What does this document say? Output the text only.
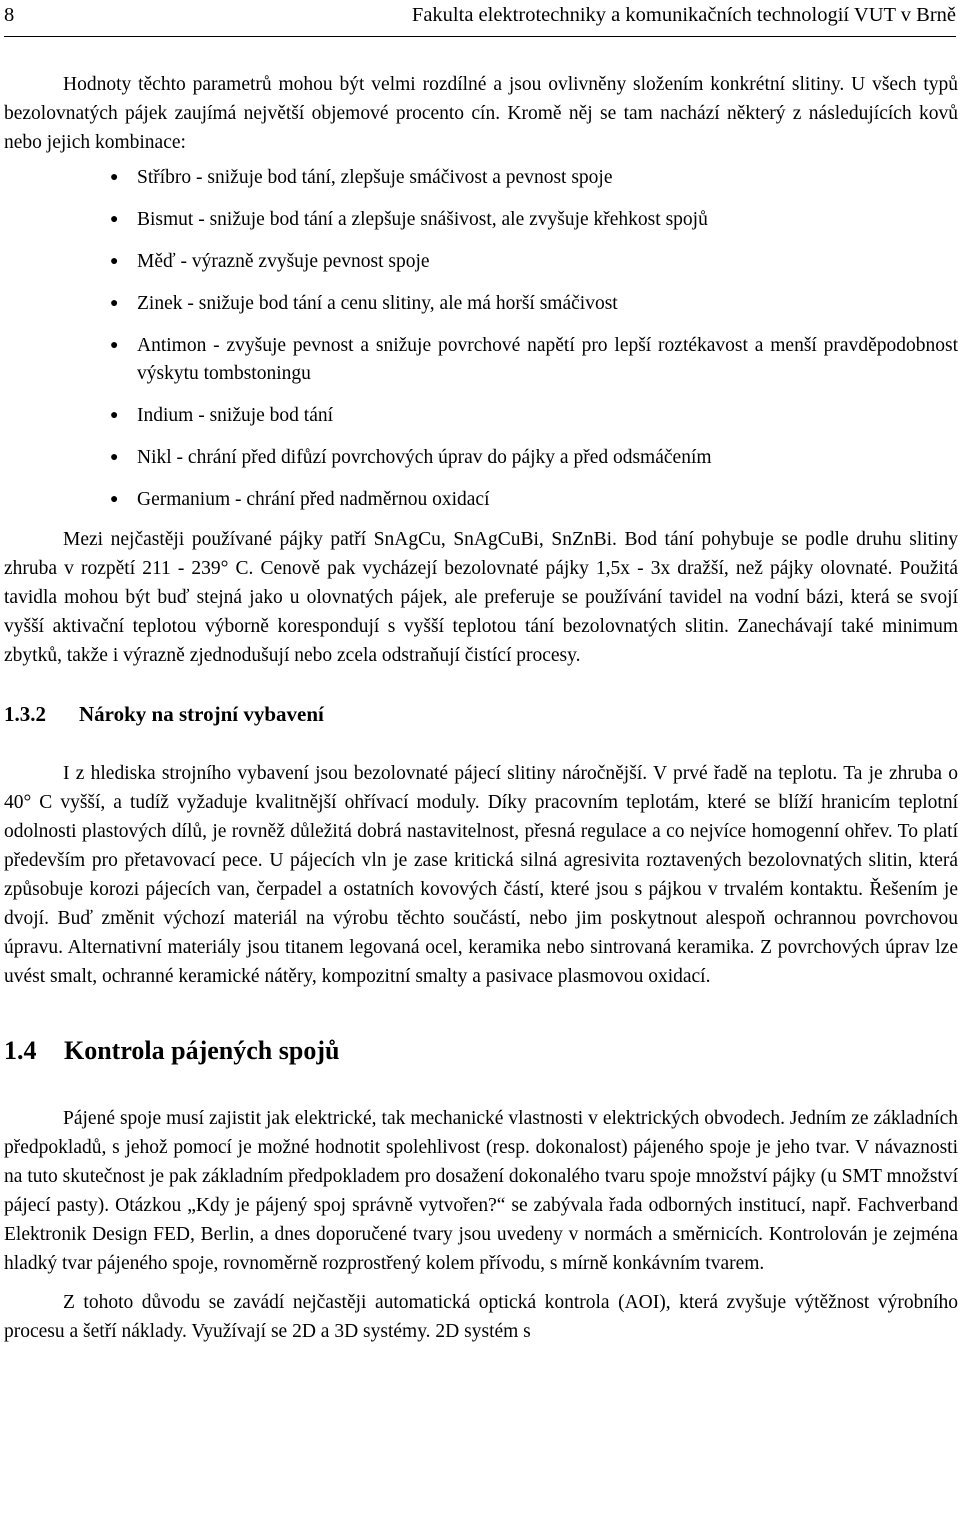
8	Fakulta elektrotechniky a komunikačních technologií VUT v Brně

Hodnoty těchto parametrů mohou být velmi rozdílné a jsou ovlivněny složením konkrétní slitiny. U všech typů bezolovnatých pájek zaujímá největší objemové procento cín. Kromě něj se tam nachází některý z následujících kovů nebo jejich kombinace:

● Stříbro - snižuje bod tání, zlepšuje smáčivost a pevnost spoje
● Bismut - snižuje bod tání a zlepšuje snášivost, ale zvyšuje křehkost spojů
● Měď - výrazně zvyšuje pevnost spoje
● Zinek - snižuje bod tání a cenu slitiny, ale má horší smáčivost
● Antimon - zvyšuje pevnost a snižuje povrchové napětí pro lepší roztékavost a menší pravděpodobnost výskytu tombstoningu
● Indium - snižuje bod tání
● Nikl - chrání před difůzí povrchových úprav do pájky a před odsmáčením
● Germanium - chrání před nadměrnou oxidací

Mezi nejčastěji používané pájky patří SnAgCu, SnAgCuBi, SnZnBi. Bod tání pohybuje se podle druhu slitiny zhruba v rozpětí 211 - 239° C. Cenově pak vycházejí bezolovnaté pájky 1,5x - 3x dražší, než pájky olovnaté. Použitá tavidla mohou být buď stejná jako u olovnatých pájek, ale preferuje se používání tavidel na vodní bázi, která se svojí vyšší aktivační teplotou výborně korespondují s vyšší teplotou tání bezolovnatých slitin. Zanechávají také minimum zbytků, takže i výrazně zjednodušují nebo zcela odstraňují čistící procesy.

1.3.2 Nároky na strojní vybavení

I z hlediska strojního vybavení jsou bezolovnaté pájecí slitiny náročnější. V prvé řadě na teplotu. Ta je zhruba o 40° C vyšší, a tudíž vyžaduje kvalitnější ohřívací moduly. Díky pracovním teplotám, které se blíží hranicím teplotní odolnosti plastových dílů, je rovněž důležitá dobrá nastavitelnost, přesná regulace a co nejvíce homogenní ohřev. To platí především pro přetavovací pece. U pájecích vln je zase kritická silná agresivita roztavených bezolovnatých slitin, která způsobuje korozi pájecích van, čerpadel a ostatních kovových částí, které jsou s pájkou v trvalém kontaktu. Řešením je dvojí. Buď změnit výchozí materiál na výrobu těchto součástí, nebo jim poskytnout alespoň ochrannou povrchovou úpravu. Alternativní materiály jsou titanem legovaná ocel, keramika nebo sintrovaná keramika. Z povrchových úprav lze uvést smalt, ochranné keramické nátěry, kompozitní smalty a pasivace plasmovou oxidací.

1.4 Kontrola pájených spojů

Pájené spoje musí zajistit jak elektrické, tak mechanické vlastnosti v elektrických obvodech. Jedním ze základních předpokladů, s jehož pomocí je možné hodnotit spolehlivost (resp. dokonalost) pájeného spoje je jeho tvar. V návaznosti na tuto skutečnost je pak základním předpokladem pro dosažení dokonalého tvaru spoje množství pájky (u SMT množství pájecí pasty). Otázkou „Kdy je pájený spoj správně vytvořen?“ se zabývala řada odborných institucí, např. Fachverband Elektronik Design FED, Berlin, a dnes doporučené tvary jsou uvedeny v normách a směrnicích. Kontrolován je zejména hladký tvar pájeného spoje, rovnoměrně rozprostřený kolem přívodu, s mírně konkávním tvarem.

Z tohoto důvodu se zavádí nejčastěji automatická optická kontrola (AOI), která zvyšuje výtěžnost výrobního procesu a šetří náklady. Využívají se 2D a 3D systémy. 2D systém s
